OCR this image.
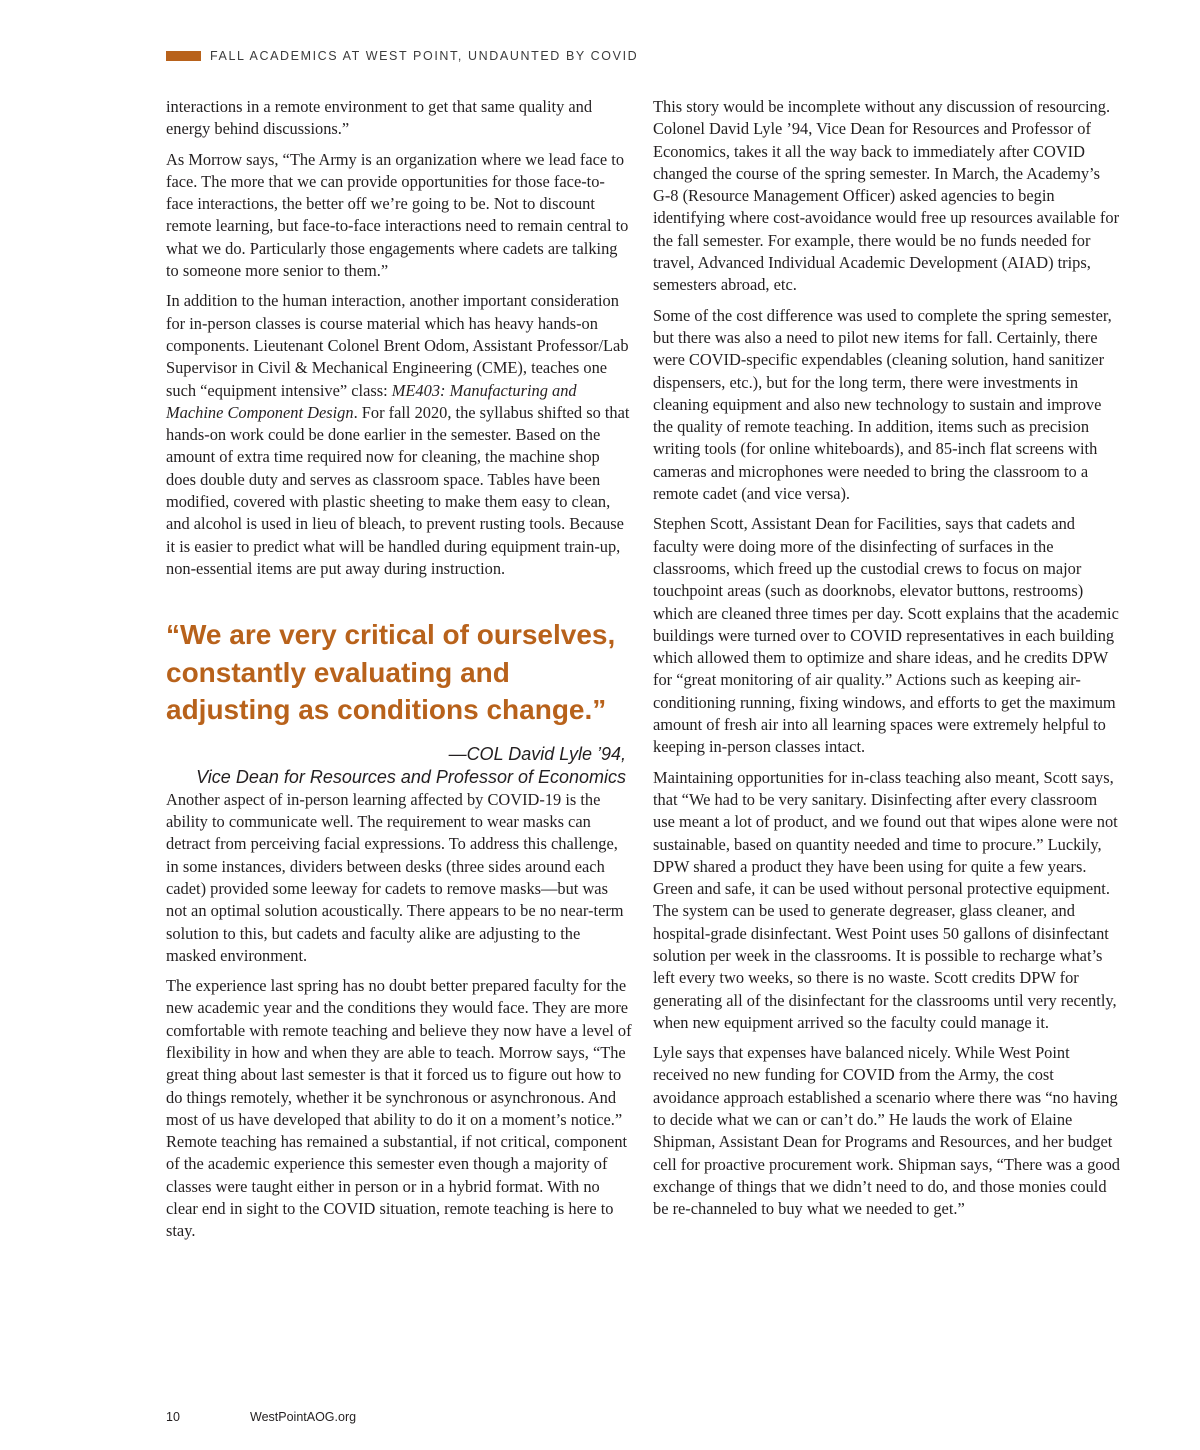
FALL ACADEMICS AT WEST POINT, UNDAUNTED BY COVID

interactions in a remote environment to get that same quality and energy behind discussions.”

As Morrow says, “The Army is an organization where we lead face to face. The more that we can provide opportunities for those face-to-face interactions, the better off we’re going to be. Not to discount remote learning, but face-to-face interactions need to remain central to what we do. Particularly those engagements where cadets are talking to someone more senior to them.”

In addition to the human interaction, another important consideration for in-person classes is course material which has heavy hands-on components. Lieutenant Colonel Brent Odom, Assistant Professor/Lab Supervisor in Civil & Mechanical Engineering (CME), teaches one such “equipment intensive” class: ME403: Manufacturing and Machine Component Design. For fall 2020, the syllabus shifted so that hands-on work could be done earlier in the semester. Based on the amount of extra time required now for cleaning, the machine shop does double duty and serves as classroom space. Tables have been modified, covered with plastic sheeting to make them easy to clean, and alcohol is used in lieu of bleach, to prevent rusting tools. Because it is easier to predict what will be handled during equipment train-up, non-essential items are put away during instruction.

“We are very critical of ourselves, constantly evaluating and adjusting as conditions change.”

—COL David Lyle ’94,
Vice Dean for Resources and Professor of Economics

Another aspect of in-person learning affected by COVID-19 is the ability to communicate well. The requirement to wear masks can detract from perceiving facial expressions. To address this challenge, in some instances, dividers between desks (three sides around each cadet) provided some leeway for cadets to remove masks—but was not an optimal solution acoustically. There appears to be no near-term solution to this, but cadets and faculty alike are adjusting to the masked environment.

The experience last spring has no doubt better prepared faculty for the new academic year and the conditions they would face. They are more comfortable with remote teaching and believe they now have a level of flexibility in how and when they are able to teach. Morrow says, “The great thing about last semester is that it forced us to figure out how to do things remotely, whether it be synchronous or asynchronous. And most of us have developed that ability to do it on a moment’s notice.” Remote teaching has remained a substantial, if not critical, component of the academic experience this semester even though a majority of classes were taught either in person or in a hybrid format. With no clear end in sight to the COVID situation, remote teaching is here to stay.

This story would be incomplete without any discussion of resourcing. Colonel David Lyle ’94, Vice Dean for Resources and Professor of Economics, takes it all the way back to immediately after COVID changed the course of the spring semester. In March, the Academy’s G-8 (Resource Management Officer) asked agencies to begin identifying where cost-avoidance would free up resources available for the fall semester. For example, there would be no funds needed for travel, Advanced Individual Academic Development (AIAD) trips, semesters abroad, etc.

Some of the cost difference was used to complete the spring semester, but there was also a need to pilot new items for fall. Certainly, there were COVID-specific expendables (cleaning solution, hand sanitizer dispensers, etc.), but for the long term, there were investments in cleaning equipment and also new technology to sustain and improve the quality of remote teaching. In addition, items such as precision writing tools (for online whiteboards), and 85-inch flat screens with cameras and microphones were needed to bring the classroom to a remote cadet (and vice versa).

Stephen Scott, Assistant Dean for Facilities, says that cadets and faculty were doing more of the disinfecting of surfaces in the classrooms, which freed up the custodial crews to focus on major touchpoint areas (such as doorknobs, elevator buttons, restrooms) which are cleaned three times per day. Scott explains that the academic buildings were turned over to COVID representatives in each building which allowed them to optimize and share ideas, and he credits DPW for “great monitoring of air quality.” Actions such as keeping air-conditioning running, fixing windows, and efforts to get the maximum amount of fresh air into all learning spaces were extremely helpful to keeping in-person classes intact.

Maintaining opportunities for in-class teaching also meant, Scott says, that “We had to be very sanitary. Disinfecting after every classroom use meant a lot of product, and we found out that wipes alone were not sustainable, based on quantity needed and time to procure.” Luckily, DPW shared a product they have been using for quite a few years. Green and safe, it can be used without personal protective equipment. The system can be used to generate degreaser, glass cleaner, and hospital-grade disinfectant. West Point uses 50 gallons of disinfectant solution per week in the classrooms. It is possible to recharge what’s left every two weeks, so there is no waste. Scott credits DPW for generating all of the disinfectant for the classrooms until very recently, when new equipment arrived so the faculty could manage it.

Lyle says that expenses have balanced nicely. While West Point received no new funding for COVID from the Army, the cost avoidance approach established a scenario where there was “no having to decide what we can or can’t do.” He lauds the work of Elaine Shipman, Assistant Dean for Programs and Resources, and her budget cell for proactive procurement work. Shipman says, “There was a good exchange of things that we didn’t need to do, and those monies could be re-channeled to buy what we needed to get.”

10	WestPointAOG.org
